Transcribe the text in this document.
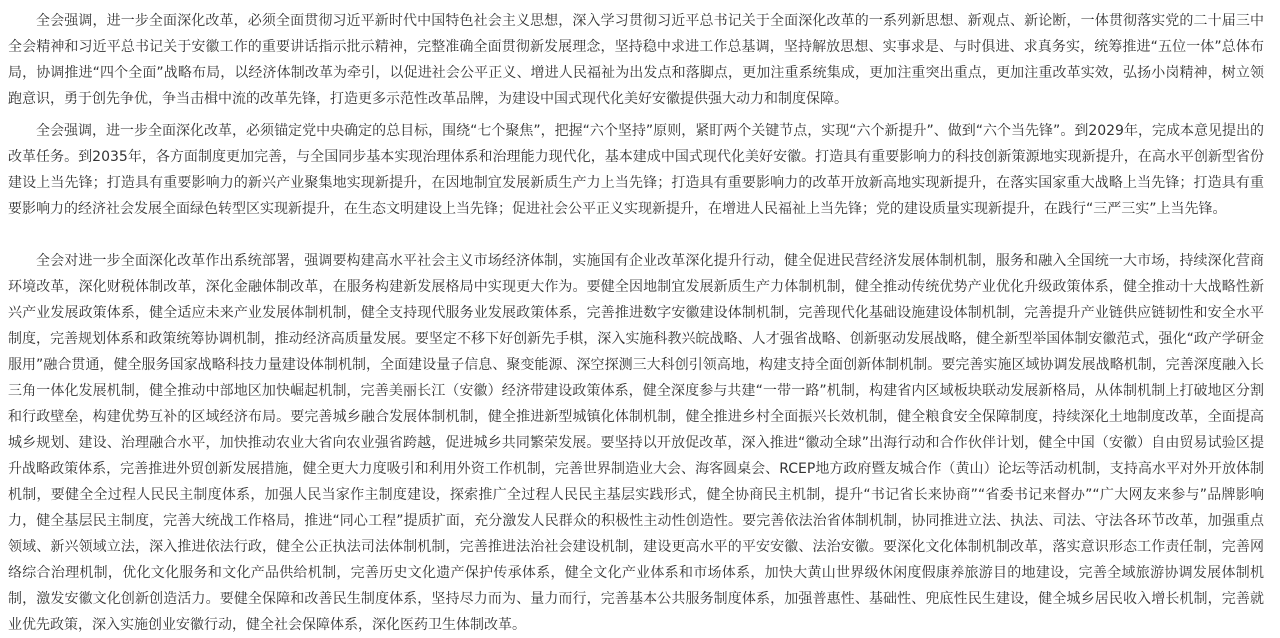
全会强调，进一步全面深化改革，必须全面贯彻习近平新时代中国特色社会主义思想，深入学习贯彻习近平总书记关于全面深化改革的一系列新思想、新观点、新论断，一体贯彻落实党的二十届三中全会精神和习近平总书记关于安徽工作的重要讲话指示批示精神，完整准确全面贯彻新发展理念，坚持稳中求进工作总基调，坚持解放思想、实事求是、与时俱进、求真务实，统筹推进“五位一体”总体布局，协调推进“四个全面”战略布局，以经济体制改革为牵引，以促进社会公平正义、增进人民福祉为出发点和落脚点，更加注重系统集成，更加注重突出重点，更加注重改革实效，弘扬小岗精神，树立领跑意识，勇于创先争优，争当击楫中流的改革先锋，打造更多示范性改革品牌，为建设中国式现代化美好安徽提供强大动力和制度保障。

全会强调，进一步全面深化改革，必须锚定党中央确定的总目标，围绕“七个聚焦”，把握“六个坚持”原则，紧盯两个关键节点，实现“六个新提升”、做到“六个当先锋”。到2029年，完成本意见提出的改革任务。到2035年，各方面制度更加完善，与全国同步基本实现治理体系和治理能力现代化，基本建成中国式现代化美好安徽。打造具有重要影响力的科技创新策源地实现新提升，在高水平创新型省份建设上当先锋；打造具有重要影响力的新兴产业聚集地实现新提升，在因地制宜发展新质生产力上当先锋；打造具有重要影响力的改革开放新高地实现新提升，在落实国家重大战略上当先锋；打造具有重要影响力的经济社会发展全面绿色转型区实现新提升，在生态文明建设上当先锋；促进社会公平正义实现新提升，在增进人民福祉上当先锋；党的建设质量实现新提升，在践行“三严三实”上当先锋。

全会对进一步全面深化改革作出系统部署，强调要构建高水平社会主义市场经济体制，实施国有企业改革深化提升行动，健全促进民营经济发展体制机制，服务和融入全国统一大市场，持续深化营商环境改革，深化财税体制改革，深化金融体制改革，在服务构建新发展格局中实现更大作为。要健全因地制宜发展新质生产力体制机制，健全推动传统优势产业优化升级政策体系，健全推动十大战略性新兴产业发展政策体系，健全适应未来产业发展体制机制，健全支持现代服务业发展政策体系，完善推进数字安徽建设体制机制，完善现代化基础设施建设体制机制，完善提升产业链供应链韧性和安全水平制度，完善规划体系和政策统筹协调机制，推动经济高质量发展。要坚定不移下好创新先手棋，深入实施科教兴皖战略、人才强省战略、创新驱动发展战略，健全新型举国体制安徽范式，强化“政产学研金服用”融合贯通，健全服务国家战略科技力量建设体制机制，全面建设量子信息、聚变能源、深空探测三大科创引领高地，构建支持全面创新体制机制。要完善实施区域协调发展战略机制，完善深度融入长三角一体化发展机制，健全推动中部地区加快崛起机制，完善美丽长江（安徽）经济带建设政策体系，健全深度参与共建“一带一路”机制，构建省内区域板块联动发展新格局，从体制机制上打破地区分割和行政壁垒，构建优势互补的区域经济布局。要完善城乡融合发展体制机制，健全推进新型城镇化体制机制，健全推进乡村全面振兴长效机制，健全粮食安全保障制度，持续深化土地制度改革，全面提高城乡规划、建设、治理融合水平，加快推动农业大省向农业强省跨越，促进城乡共同繁荣发展。要坚持以开放促改革，深入推进“徽动全球”出海行动和合作伙伴计划，健全中国（安徽）自由贸易试验区提升战略政策体系，完善推进外贸创新发展措施，健全更大力度吸引和利用外资工作机制，完善世界制造业大会、海客圆桌会、RCEP地方政府暨友城合作（黄山）论坛等活动机制，支持高水平对外开放体制机制，要健全全过程人民民主制度体系，加强人民当家作主制度建设，探索推广全过程人民民主基层实践形式，健全协商民主机制，提升“书记省长来协商”“省委书记来督办”“广大网友来参与”品牌影响力，健全基层民主制度，完善大统战工作格局，推进“同心工程”提质扩面，充分激发人民群众的积极性主动性创造性。要完善依法治省体制机制，协同推进立法、执法、司法、守法各环节改革，加强重点领域、新兴领域立法，深入推进依法行政，健全公正执法司法体制机制，完善推进法治社会建设机制，建设更高水平的平安安徽、法治安徽。要深化文化体制机制改革，落实意识形态工作责任制，完善网络综合治理机制，优化文化服务和文化产品供给机制，完善历史文化遗产保护传承体系，健全文化产业体系和市场体系，加快大黄山世界级休闲度假康养旅游目的地建设，完善全域旅游协调发展体制机制，激发安徽文化创新创造活力。要健全保障和改善民生制度体系，坚持尽力而为、量力而行，完善基本公共服务制度体系，加强普惠性、基础性、兜底性民生建设，健全城乡居民收入增长机制，完善就业优先政策，深入实施创业安徽行动，健全社会保障体系，深化医药卫生体制改革。
